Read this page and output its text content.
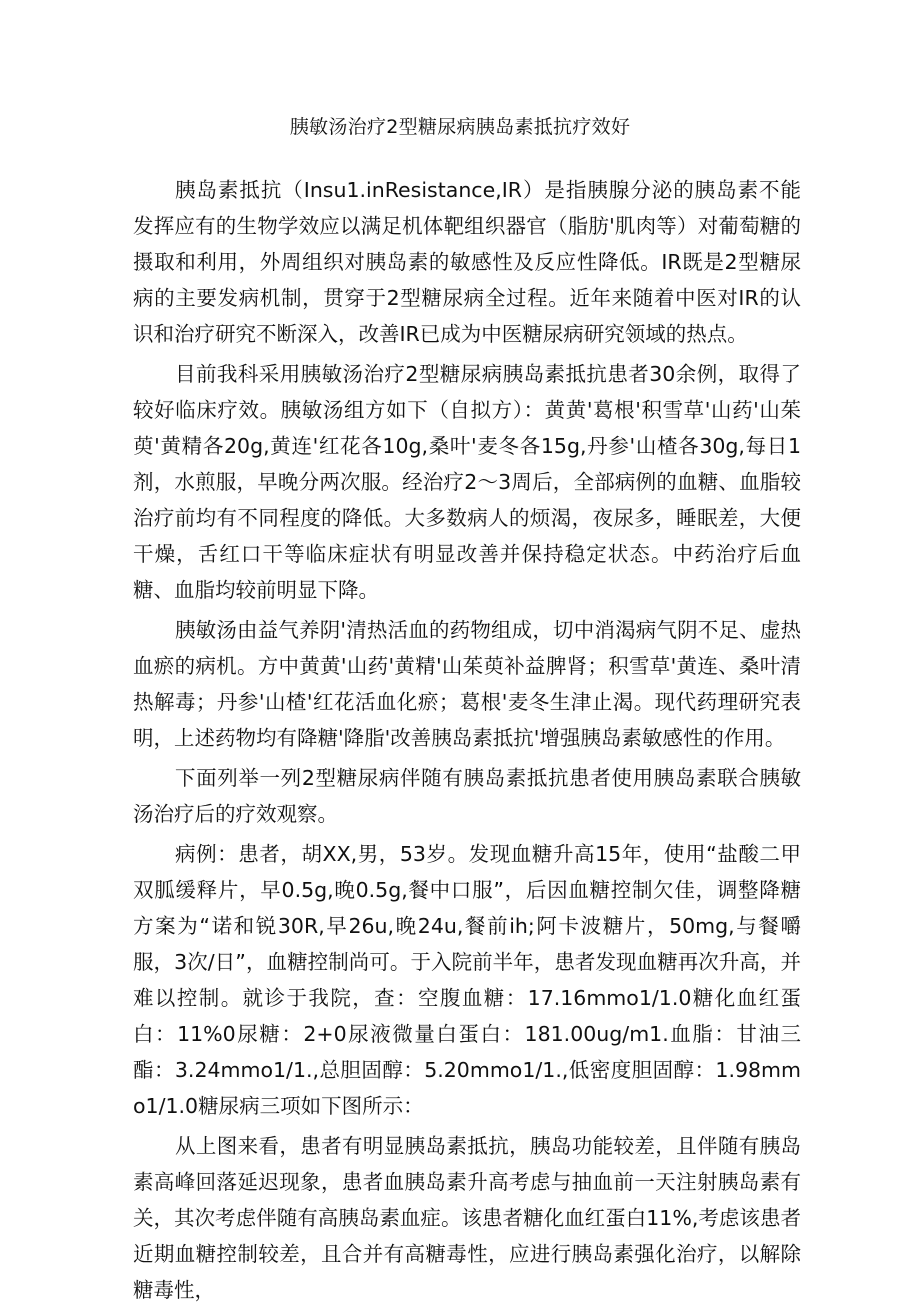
胰敏汤治疗2型糖尿病胰岛素抵抗疗效好

胰岛素抵抗（Insu1.inResistance,IR）是指胰腺分泌的胰岛素不能发挥应有的生物学效应以满足机体靶组织器官（脂肪'肌肉等）对葡萄糖的摄取和利用，外周组织对胰岛素的敏感性及反应性降低。IR既是2型糖尿病的主要发病机制，贯穿于2型糖尿病全过程。近年来随着中医对IR的认识和治疗研究不断深入，改善IR已成为中医糖尿病研究领域的热点。

目前我科采用胰敏汤治疗2型糖尿病胰岛素抵抗患者30余例，取得了较好临床疗效。胰敏汤组方如下（自拟方）：黄黄'葛根'积雪草'山药'山茱萸'黄精各20g,黄连'红花各10g,桑叶'麦冬各15g,丹参'山楂各30g,每日1剂，水煎服，早晚分两次服。经治疗2〜3周后，全部病例的血糖、血脂较治疗前均有不同程度的降低。大多数病人的烦渴，夜尿多，睡眠差，大便干燥，舌红口干等临床症状有明显改善并保持稳定状态。中药治疗后血糖、血脂均较前明显下降。

胰敏汤由益气养阴'清热活血的药物组成，切中消渴病气阴不足、虚热血瘀的病机。方中黄黄'山药'黄精'山茱萸补益脾肾；积雪草'黄连、桑叶清热解毒；丹参'山楂'红花活血化瘀；葛根'麦冬生津止渴。现代药理研究表明，上述药物均有降糖'降脂'改善胰岛素抵抗'增强胰岛素敏感性的作用。

下面列举一列2型糖尿病伴随有胰岛素抵抗患者使用胰岛素联合胰敏汤治疗后的疗效观察。

病例：患者，胡XX,男，53岁。发现血糖升高15年，使用“盐酸二甲双胍缓释片，早0.5g,晚0.5g,餐中口服”，后因血糖控制欠佳，调整降糖方案为“诺和锐30R,早26u,晚24u,餐前ih;阿卡波糖片，50mg,与餐嚼服，3次/日”，血糖控制尚可。于入院前半年，患者发现血糖再次升高，并难以控制。就诊于我院，查：空腹血糖：17.16mmo1∕1.0糖化血红蛋白：11%0尿糖：2+0尿液微量白蛋白：181.00ug∕m1.血脂：甘油三酯：3.24mmo1∕1.,总胆固醇：5.20mmo1∕1.,低密度胆固醇：1.98mmo1∕1.0糖尿病三项如下图所示：

从上图来看，患者有明显胰岛素抵抗，胰岛功能较差，且伴随有胰岛素高峰回落延迟现象，患者血胰岛素升高考虑与抽血前一天注射胰岛素有关，其次考虑伴随有高胰岛素血症。该患者糖化血红蛋白11%,考虑该患者近期血糖控制较差，且合并有高糖毒性，应进行胰岛素强化治疗，以解除糖毒性，
